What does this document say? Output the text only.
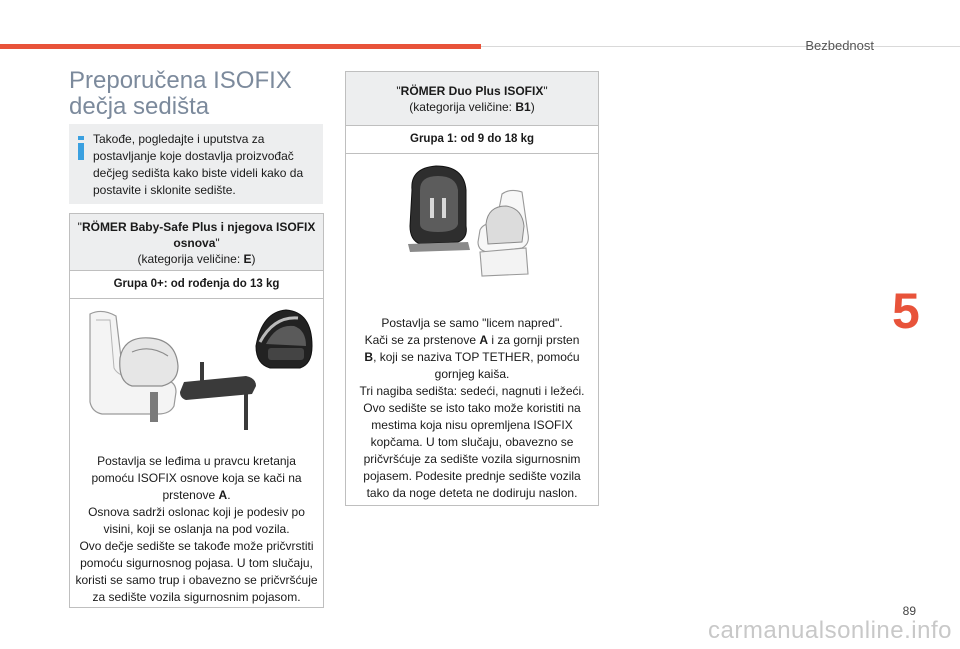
Bezbednost
5
Preporučena ISOFIX
dečja sedišta
Takođe, pogledajte i uputstva za
postavljanje koje dostavlja proizvođač
dečjeg sedišta kako biste videli kako da
postavite i sklonite sedište.
"RÖMER Baby-Safe Plus i njegova ISOFIX osnova"
(kategorija veličine: E)
Grupa 0+: od rođenja do 13 kg
Postavlja se leđima u pravcu kretanja
pomoću ISOFIX osnove koja se kači na
prstenove A.
Osnova sadrži oslonac koji je podesiv po
visini, koji se oslanja na pod vozila.
Ovo dečje sedište se takođe može pričvrstiti
pomoću sigurnosnog pojasa. U tom slučaju,
koristi se samo trup i obavezno se pričvršćuje
za sedište vozila sigurnosnim pojasom.
"RÖMER Duo Plus ISOFIX"
(kategorija veličine: B1)
Grupa 1: od 9 do 18 kg
Postavlja se samo "licem napred".
Kači se za prstenove A i za gornji prsten
B, koji se naziva TOP TETHER, pomoću
gornjeg kaiša.
Tri nagiba sedišta: sedeći, nagnuti i ležeći.
Ovo sedište se isto tako može koristiti na
mestima koja nisu opremljena ISOFIX
kopčama. U tom slučaju, obavezno se
pričvršćuje za sedište vozila sigurnosnim
pojasem. Podesite prednje sedište vozila
tako da noge deteta ne dodiruju naslon.
89
carmanualsonline.info
